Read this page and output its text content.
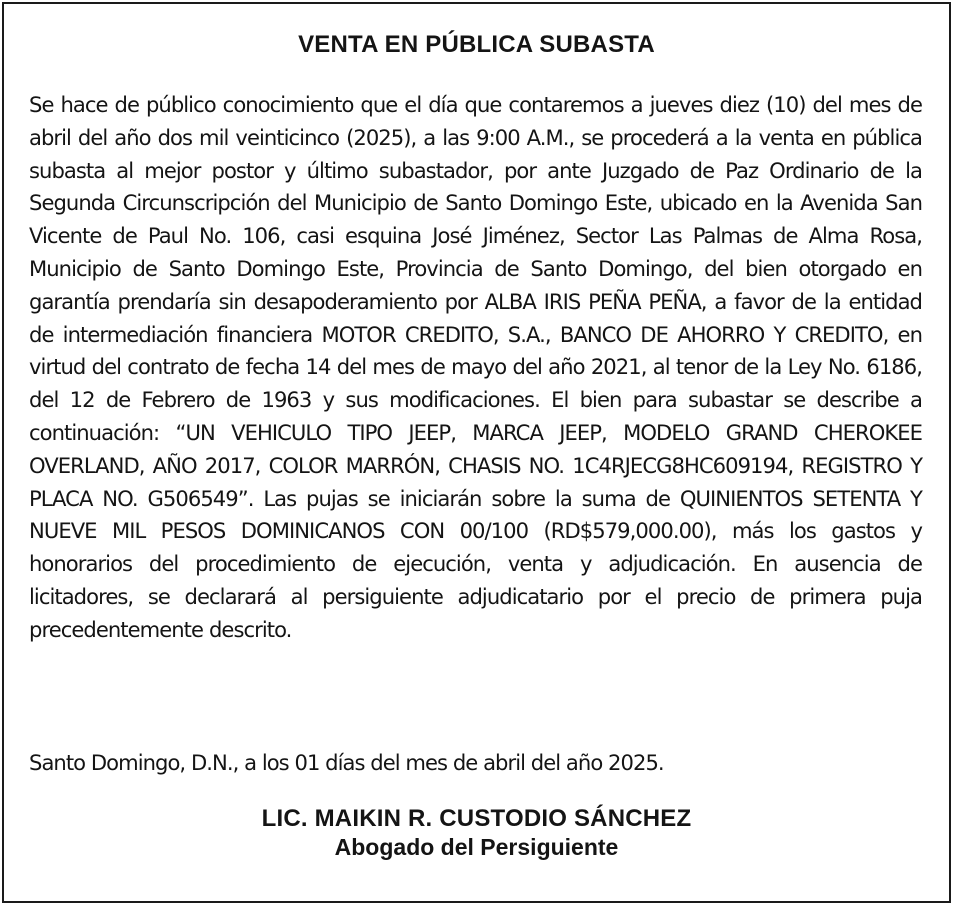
VENTA EN PÚBLICA SUBASTA

Se hace de público conocimiento que el día que contaremos a jueves diez (10) del mes de abril del año dos mil veinticinco (2025), a las 9:00 A.M., se procederá a la venta en pública subasta al mejor postor y último subastador, por ante Juzgado de Paz Ordinario de la Segunda Circunscripción del Municipio de Santo Domingo Este, ubicado en la Avenida San Vicente de Paul No. 106, casi esquina José Jiménez, Sector Las Palmas de Alma Rosa, Municipio de Santo Domingo Este, Provincia de Santo Domingo, del bien otorgado en garantía prendaría sin desapoderamiento por ALBA IRIS PEÑA PEÑA, a favor de la entidad de intermediación financiera MOTOR CREDITO, S.A., BANCO DE AHORRO Y CREDITO, en virtud del contrato de fecha 14 del mes de mayo del año 2021, al tenor de la Ley No. 6186, del 12 de Febrero de 1963 y sus modificaciones. El bien para subastar se describe a continuación: “UN VEHICULO TIPO JEEP, MARCA JEEP, MODELO GRAND CHEROKEE OVERLAND, AÑO 2017, COLOR MARRÓN, CHASIS NO. 1C4RJECG8HC609194, REGISTRO Y PLACA NO. G506549”. Las pujas se iniciarán sobre la suma de QUINIENTOS SETENTA Y NUEVE MIL PESOS DOMINICANOS CON 00/100 (RD$579,000.00), más los gastos y honorarios del procedimiento de ejecución, venta y adjudicación. En ausencia de licitadores, se declarará al persiguiente adjudicatario por el precio de primera puja precedentemente descrito.

Santo Domingo, D.N., a los 01 días del mes de abril del año 2025.

LIC. MAIKIN R. CUSTODIO SÁNCHEZ
Abogado del Persiguiente
